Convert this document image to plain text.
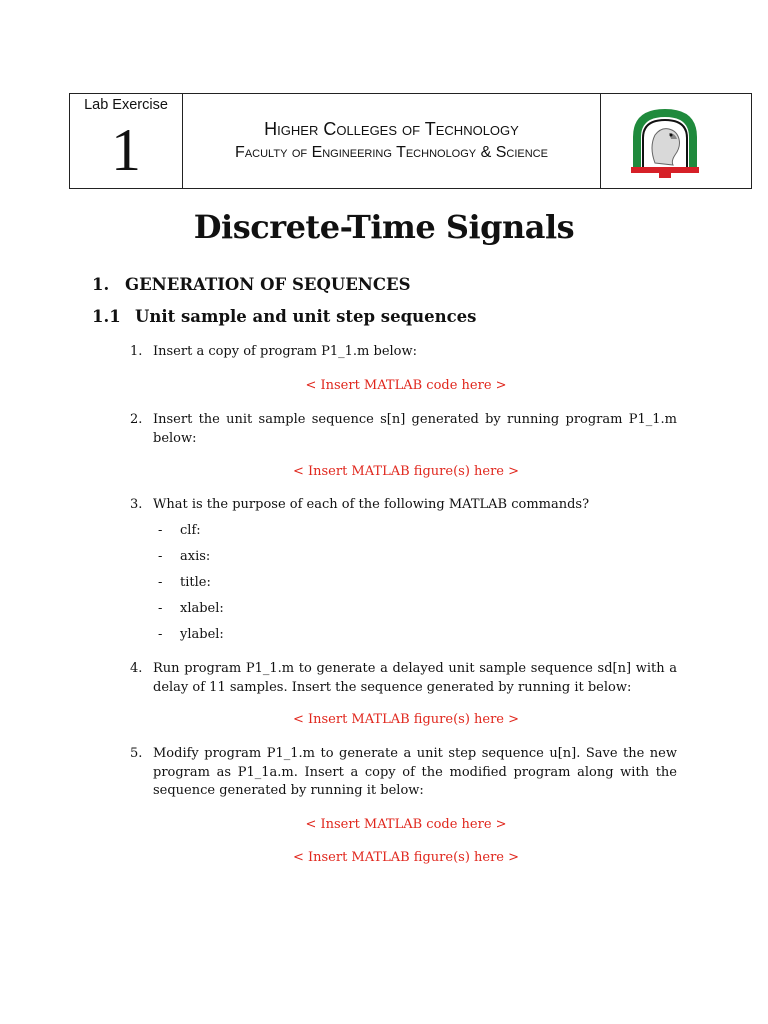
Lab Exercise
1	Higher Colleges of Technology
Faculty of Engineering Technology & Science
Discrete-Time Signals
1. GENERATION OF SEQUENCES
1.1 Unit sample and unit step sequences
1. Insert a copy of program P1_1.m below:
< Insert MATLAB code here >
2. Insert the unit sample sequence s[n] generated by running program P1_1.m below:
< Insert MATLAB figure(s) here >
3. What is the purpose of each of the following MATLAB commands?
- clf:
- axis:
- title:
- xlabel:
- ylabel:
4. Run program P1_1.m to generate a delayed unit sample sequence sd[n] with a delay of 11 samples. Insert the sequence generated by running it below:
< Insert MATLAB figure(s) here >
5. Modify program P1_1.m to generate a unit step sequence u[n]. Save the new program as P1_1a.m. Insert a copy of the modified program along with the sequence generated by running it below:
< Insert MATLAB code here >
< Insert MATLAB figure(s) here >
